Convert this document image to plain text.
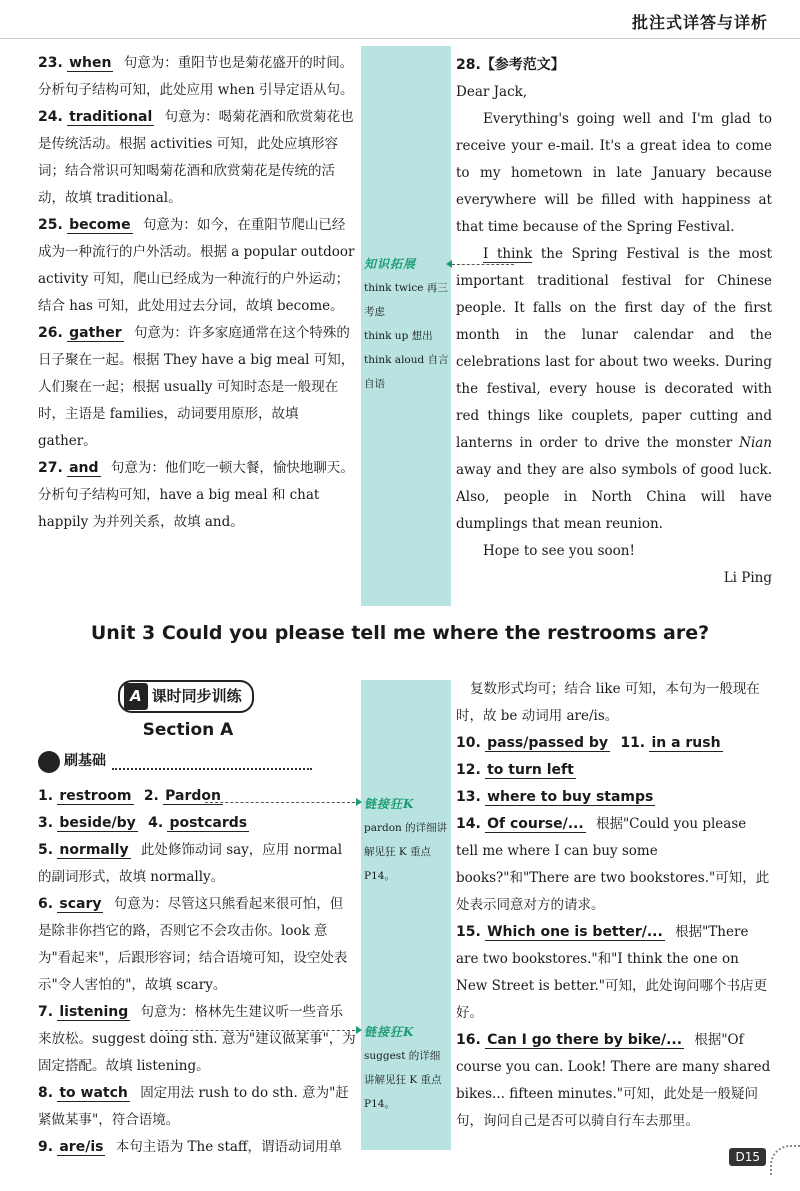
批注式详答与详析
23. when 句意为：重阳节也是菊花盛开的时间。分析句子结构可知，此处应用 when 引导定语从句。
24. traditional 句意为：喝菊花酒和欣赏菊花也是传统活动。根据 activities 可知，此处应填形容词；结合常识可知喝菊花酒和欣赏菊花是传统的活动，故填 traditional。
25. become 句意为：如今，在重阳节爬山已经成为一种流行的户外活动。根据 a popular outdoor activity 可知，爬山已经成为一种流行的户外运动；结合 has 可知，此处用过去分词，故填 become。
26. gather 句意为：许多家庭通常在这个特殊的日子聚在一起。根据 They have a big meal 可知，人们聚在一起；根据 usually 可知时态是一般现在时，主语是 families，动词要用原形，故填 gather。
27. and 句意为：他们吃一顿大餐，愉快地聊天。分析句子结构可知，have a big meal 和 chat happily 为并列关系，故填 and。
知识拓展
think twice 再三考虑
think up 想出
think aloud 自言自语
28.【参考范文】
Dear Jack,
Everything's going well and I'm glad to receive your e-mail. It's a great idea to come to my hometown in late January because everywhere will be filled with happiness at that time because of the Spring Festival.
I think the Spring Festival is the most important traditional festival for Chinese people. It falls on the first day of the first month in the lunar calendar and the celebrations last for about two weeks. During the festival, every house is decorated with red things like couplets, paper cutting and lanterns in order to drive the monster Nian away and they are also symbols of good luck. Also, people in North China will have dumplings that mean reunion.
Hope to see you soon!
Li Ping
Unit 3 Could you please tell me where the restrooms are?
A 课时同步训练
Section A
刷基础
1. restroom 2. Pardon
3. beside/by 4. postcards
5. normally 此处修饰动词 say，应用 normal 的副词形式，故填 normally。
6. scary 句意为：尽管这只熊看起来很可怕，但是除非你挡它的路，否则它不会攻击你。look 意为"看起来"，后跟形容词；结合语境可知，设空处表示"令人害怕的"，故填 scary。
7. listening 句意为：格林先生建议听一些音乐来放松。suggest doing sth. 意为"建议做某事"，为固定搭配。故填 listening。
8. to watch 固定用法 rush to do sth. 意为"赶紧做某事"，符合语境。
9. are/is 本句主语为 The staff，谓语动词用单
链接狂K
pardon 的详细讲解见狂 K 重点 P14。
链接狂K
suggest 的详细讲解见狂 K 重点 P14。
复数形式均可；结合 like 可知，本句为一般现在时，故 be 动词用 are/is。
10. pass/passed by 11. in a rush
12. to turn left
13. where to buy stamps
14. Of course/... 根据"Could you please tell me where I can buy some books?"和"There are two bookstores."可知，此处表示同意对方的请求。
15. Which one is better/... 根据"There are two bookstores."和"I think the one on New Street is better."可知，此处询问哪个书店更好。
16. Can I go there by bike/... 根据"Of course you can. Look! There are many shared bikes... fifteen minutes."可知，此处是一般疑问句，询问自己是否可以骑自行车去那里。
D15
